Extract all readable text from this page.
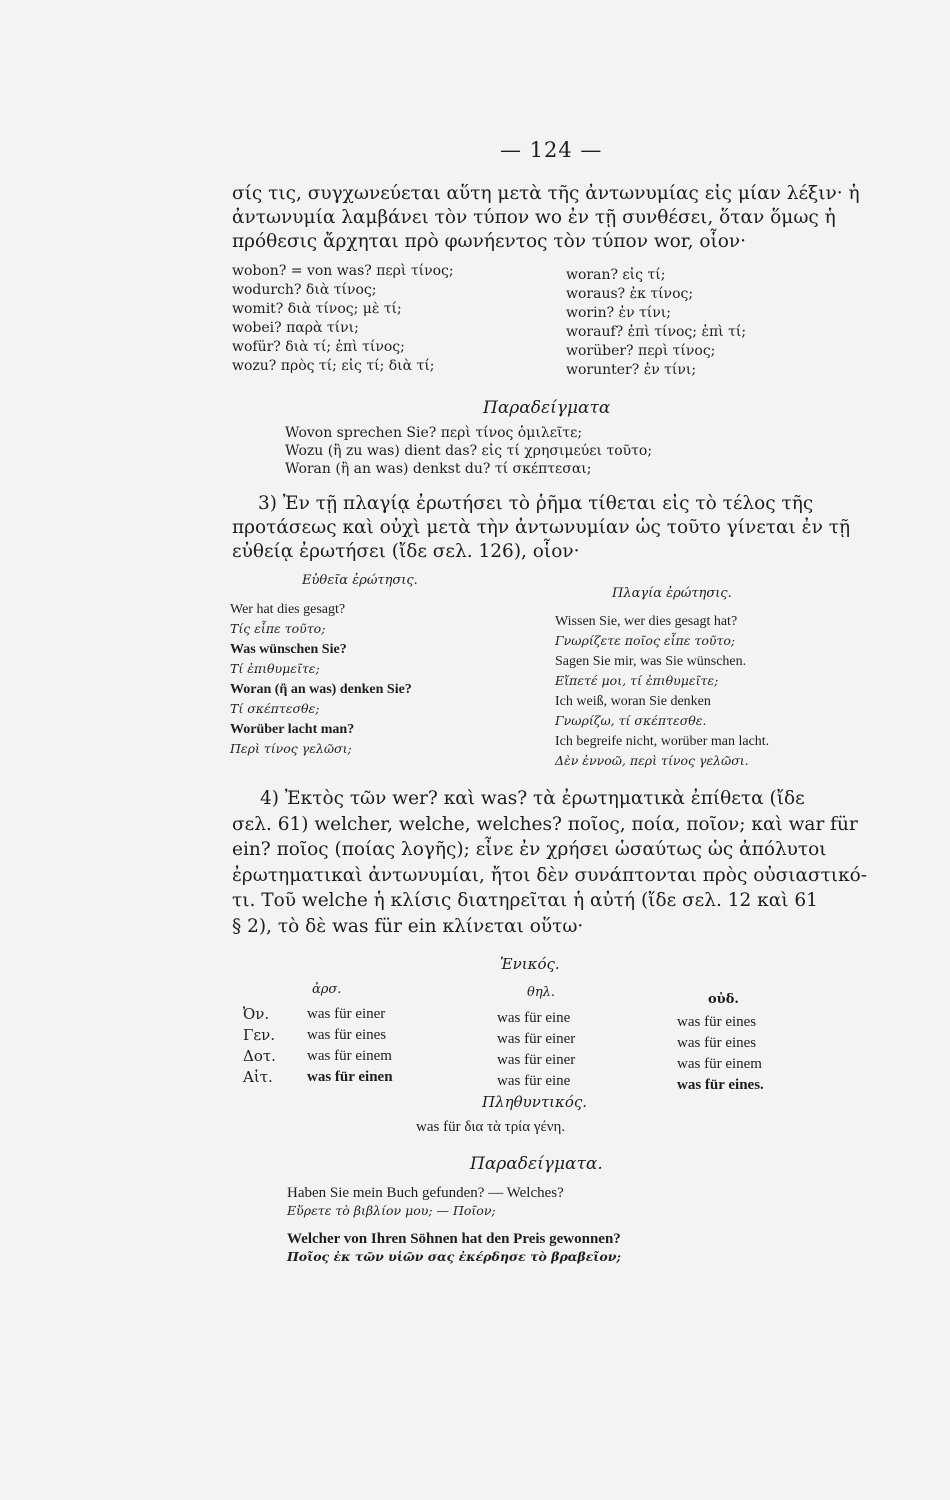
— 124 —

σίς τις, συγχωνεύεται αὕτη μετὰ τῆς ἀντωνυμίας εἰς μίαν λέξιν· ἡ

ἀντωνυμία λαμβάνει τὸν τύπον wo ἐν τῇ συνθέσει, ὅταν ὅμως ἡ

πρόθεσις ἄρχηται πρὸ φωνήεντος τὸν τύπον wor, οἷον·

wobon? = von was? περὶ τίνος;
wodurch? διὰ τίνος;
womit? διὰ τίνος; μὲ τί;
wobei? παρὰ τίνι;
wofür? διὰ τί; ἐπὶ τίνος;
wozu? πρὸς τί; εἰς τί; διὰ τί;
woran? εἰς τί;
woraus? ἐκ τίνος;
worin? ἐν τίνι;
worauf? ἐπὶ τίνος; ἐπὶ τί;
worüber? περὶ τίνος;
worunter? ἐν τίνι;
Παραδείγματα
Wovon sprechen Sie? περὶ τίνος ὁμιλεῖτε;
Wozu (ἢ zu was) dient das? εἰς τί χρησιμεύει τοῦτο;
Woran (ἢ an was) denkst du? τί σκέπτεσαι;

3) Ἐν τῇ πλαγίᾳ ἐρωτήσει τὸ ῥῆμα τίθεται εἰς τὸ τέλος τῆς

προτάσεως καὶ οὐχὶ μετὰ τὴν ἀντωνυμίαν ὡς τοῦτο γίνεται ἐν τῇ

εὐθείᾳ ἐρωτήσει (ἴδε σελ. 126), οἷον·

Εὐθεῖα ἐρώτησις.
Πλαγία ἐρώτησις.
Wer hat dies gesagt?
Τίς εἶπε τοῦτο;
Was wünschen Sie?
Τί ἐπιθυμεῖτε;
Woran (ἢ an was) denken Sie?
Τί σκέπτεσθε;
Worüber lacht man?
Περὶ τίνος γελῶσι;
Wissen Sie, wer dies gesagt hat?
Γνωρίζετε ποῖος εἶπε τοῦτο;
Sagen Sie mir, was Sie wünschen.
Εἴπετέ μοι, τί ἐπιθυμεῖτε;
Ich weiß, woran Sie denken
Γνωρίζω, τί σκέπτεσθε.
Ich begreife nicht, worüber man lacht.
Δὲν ἐννοῶ, περὶ τίνος γελῶσι.

4) Ἐκτὸς τῶν wer? καὶ was? τὰ ἐρωτηματικὰ ἐπίθετα (ἴδε

σελ. 61) welcher, welche, welches? ποῖος, ποία, ποῖον; καὶ war für

ein? ποῖος (ποίας λογῆς); εἶνε ἐν χρήσει ὡσαύτως ὡς ἀπόλυτοι

ἐρωτηματικαὶ ἀντωνυμίαι, ἤτοι δὲν συνάπτονται πρὸς οὐσιαστικό-

τι. Τοῦ welche ἡ κλίσις διατηρεῖται ἡ αὐτή (ἴδε σελ. 12 καὶ 61

§ 2), τὸ δὲ was für ein κλίνεται οὕτω·

Ἑνικός.
ἀρσ.	θηλ.	οὐδ.
Ὀν.
Γεν.
Δοτ.
Αἰτ.
was für einer
was für eines
was für einem
was für einen
was für eine
was für einer
was für einer
was für eine
was für eines
was für eines
was für einem
was für eines.
Πληθυντικός.
was für δια τὰ τρία γένη.
Παραδείγματα.
Haben Sie mein Buch gefunden? — Welches?
Εὕρετε τὸ βιβλίον μου; — Ποῖον;
Welcher von Ihren Söhnen hat den Preis gewonnen?
Ποῖος ἐκ τῶν υἱῶν σας ἐκέρδησε τὸ βραβεῖον;
